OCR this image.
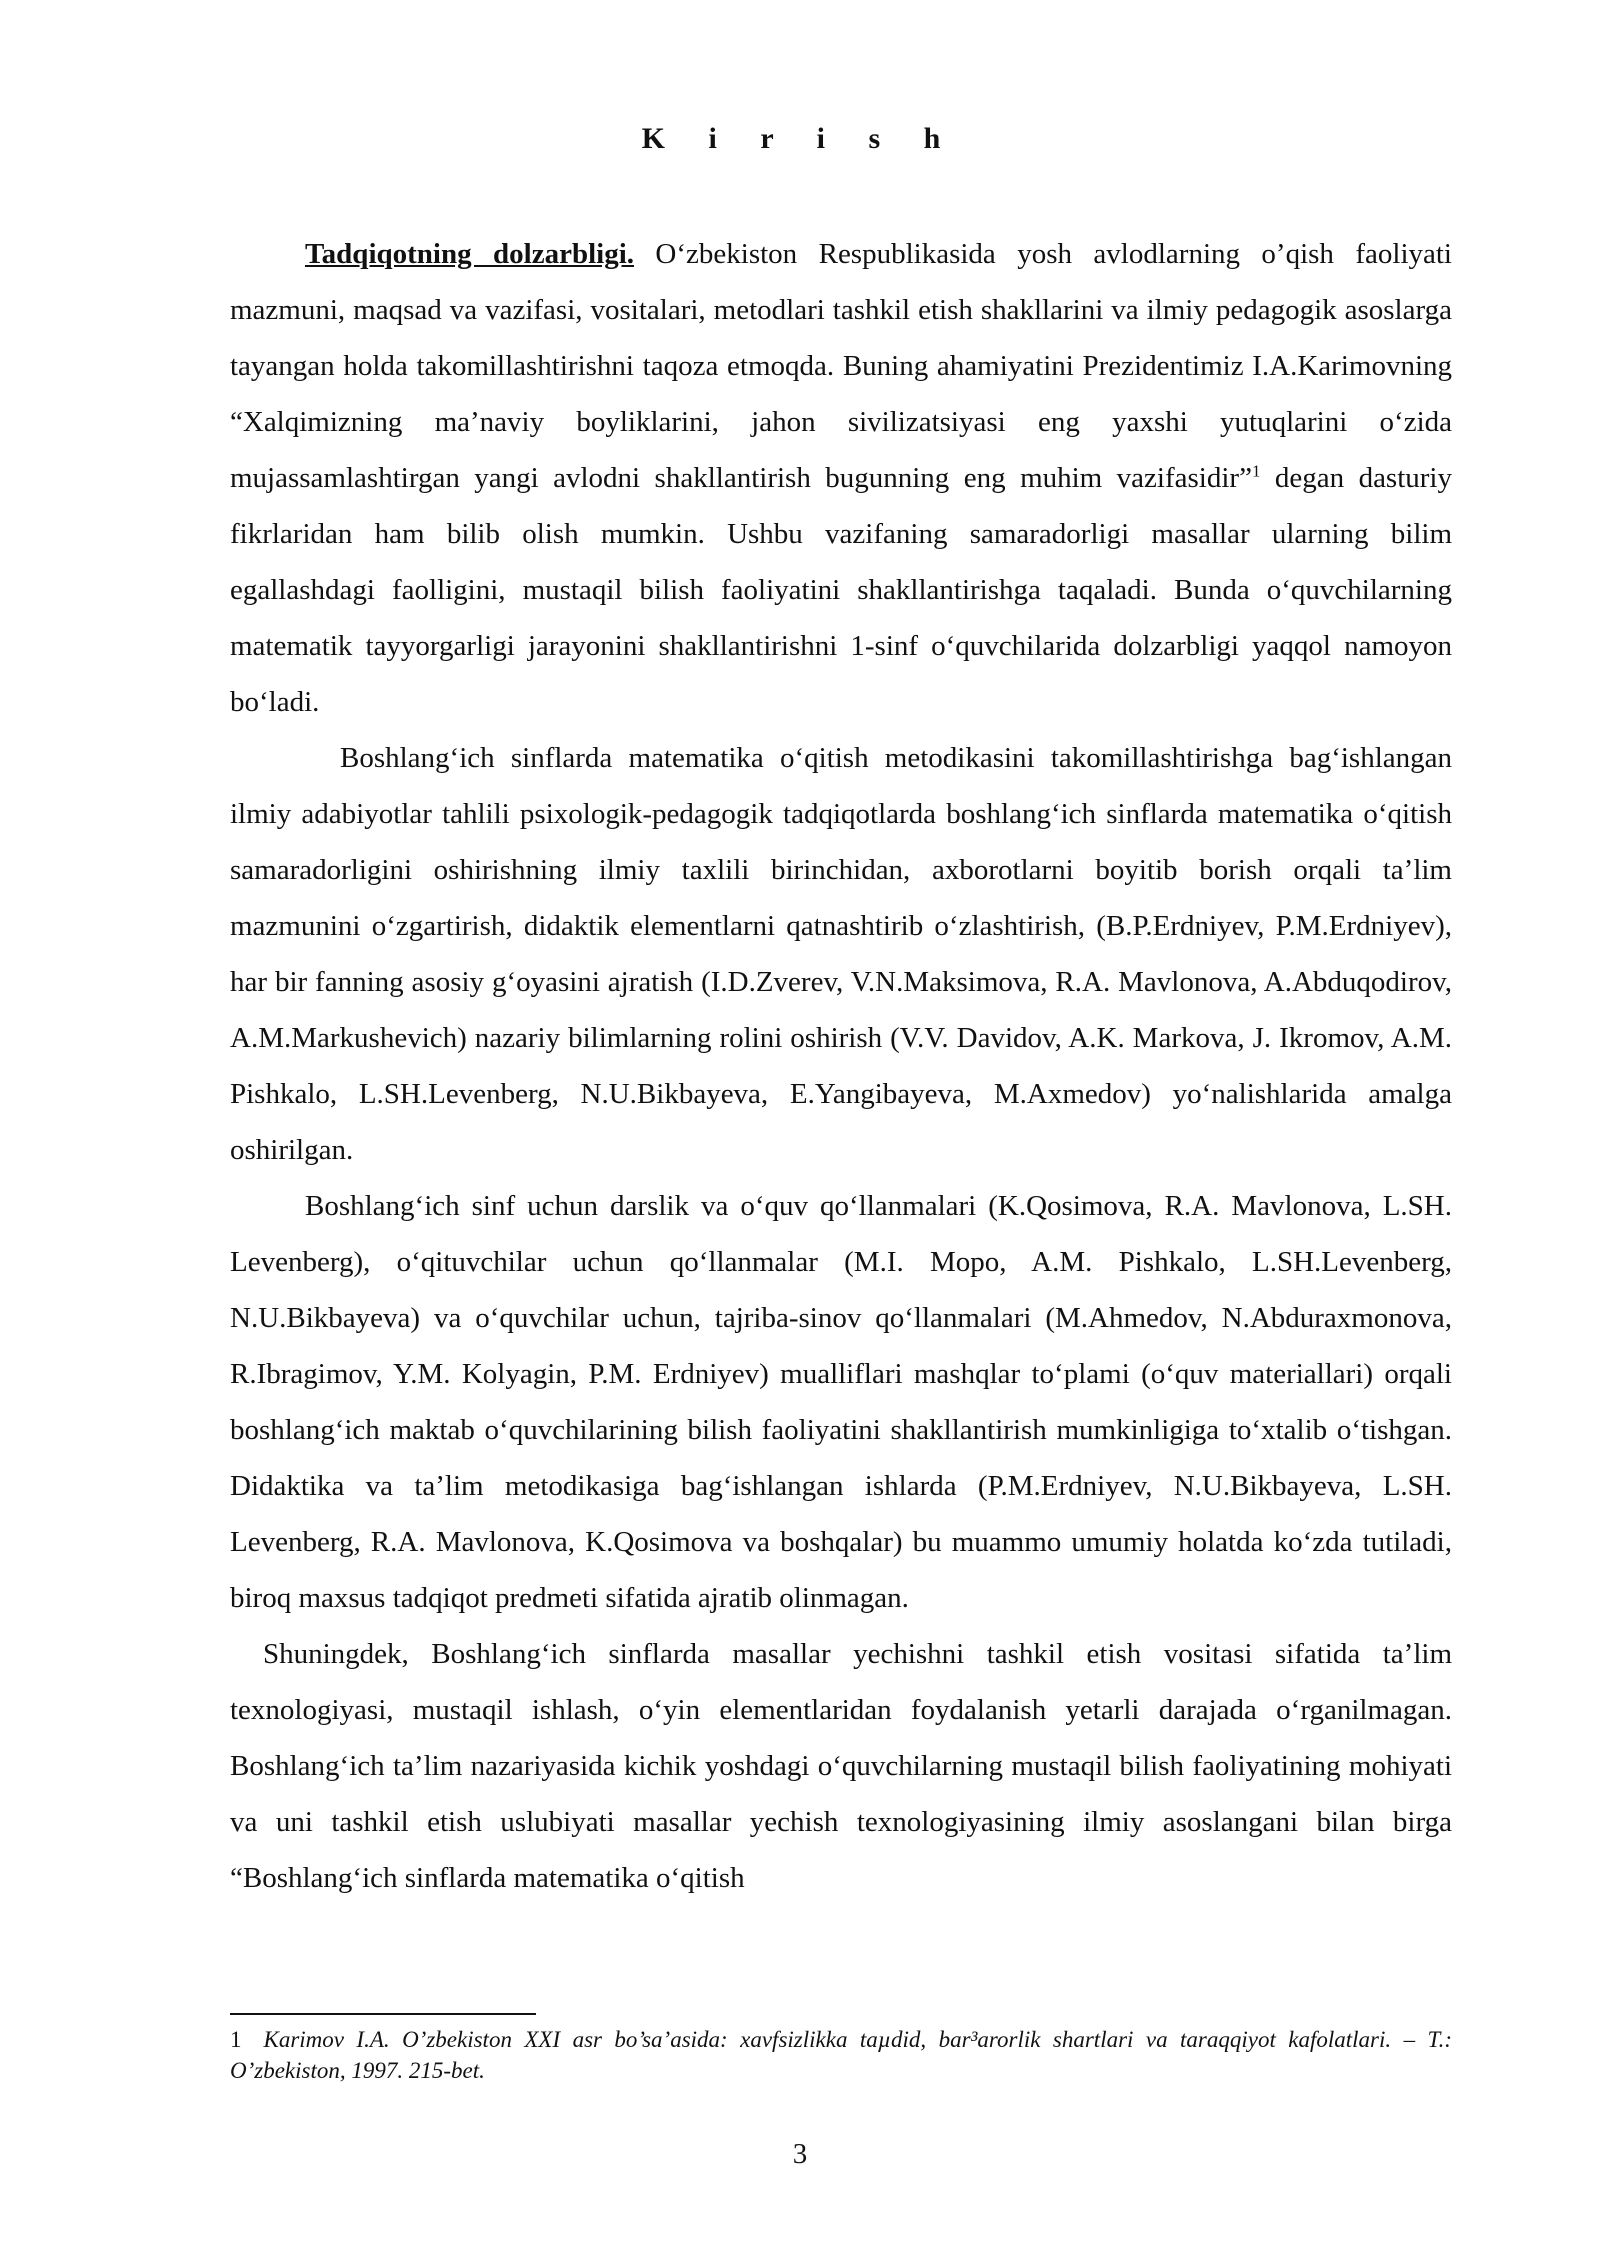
K i r i s h

Tadqiqotning dolzarbligi. O‘zbekiston Respublikasida yosh avlodlarning o’qish faoliyati mazmuni, maqsad va vazifasi, vositalari, metodlari tashkil etish shakllarini va ilmiy pedagogik asoslarga tayangan holda takomillashtirishni taqoza etmoqda. Buning ahamiyatini Prezidentimiz I.A.Karimovning “Xalqimizning ma’naviy boyliklarini, jahon sivilizatsiyasi eng yaxshi yutuqlarini o‘zida mujassamlashtirgan yangi avlodni shakllantirish bugunning eng muhim vazifasidir”$^1$ degan dasturiy fikrlaridan ham bilib olish mumkin. Ushbu vazifaning samaradorligi masallar ularning bilim egallashdagi faolligini, mustaqil bilish faoliyatini shakllantirishga taqaladi. Bunda o‘quvchilarning matematik tayyorgarligi jarayonini shakllantirishni 1-sinf o‘quvchilarida dolzarbligi yaqqol namoyon bo‘ladi.

Boshlang‘ich sinflarda matematika o‘qitish metodikasini takomillashtirishga bag‘ishlangan ilmiy adabiyotlar tahlili psixologik-pedagogik tadqiqotlarda boshlang‘ich sinflarda matematika o‘qitish samaradorligini oshirishning ilmiy taxlili birinchidan, axborotlarni boyitib borish orqali ta’lim mazmunini o‘zgartirish, didaktik elementlarni qatnashtirib o‘zlashtirish, (B.P.Erdniyev, P.M.Erdniyev), har bir fanning asosiy g‘oyasini ajratish (I.D.Zverev, V.N.Maksimova, R.A. Mavlonova, A.Abduqodirov, A.M.Markushevich) nazariy bilimlarning rolini oshirish (V.V. Davidov, A.K. Markova, J. Ikromov, A.M. Pishkalo, L.SH.Levenberg, N.U.Bikbayeva, E.Yangibayeva, M.Axmedov) yo‘nalishlarida amalga oshirilgan.

Boshlang‘ich sinf uchun darslik va o‘quv qo‘llanmalari (K.Qosimova, R.A. Mavlonova, L.SH. Levenberg), o‘qituvchilar uchun qo‘llanmalar (M.I. Mopo, A.M. Pishkalo, L.SH.Levenberg, N.U.Bikbayeva) va o‘quvchilar uchun, tajriba-sinov qo‘llanmalari (M.Ahmedov, N.Abduraxmonova, R.Ibragimov, Y.M. Kolyagin, P.M. Erdniyev) mualliflari mashqlar to‘plami (o‘quv materiallari) orqali boshlang‘ich maktab o‘quvchilarining bilish faoliyatini shakllantirish mumkinligiga to‘xtalib o‘tishgan. Didaktika va ta’lim metodikasiga bag‘ishlangan ishlarda (P.M.Erdniyev, N.U.Bikbayeva, L.SH. Levenberg, R.A. Mavlonova, K.Qosimova va boshqalar) bu muammo umumiy holatda ko‘zda tutiladi, biroq maxsus tadqiqot predmeti sifatida ajratib olinmagan.

Shuningdek, Boshlang‘ich sinflarda masallar yechishni tashkil etish vositasi sifatida ta’lim texnologiyasi, mustaqil ishlash, o‘yin elementlaridan foydalanish yetarli darajada o‘rganilmagan. Boshlang‘ich ta’lim nazariyasida kichik yoshdagi o‘quvchilarning mustaqil bilish faoliyatining mohiyati va uni tashkil etish uslubiyati masallar yechish texnologiyasining ilmiy asoslangani bilan birga “Boshlang‘ich sinflarda matematika o‘qitish

1 Karimov I.A. O’zbekiston XXI asr bo’sa’asida: xavfsizlikka taµdid, bar³arorlik shartlari va taraqqiyot kafolatlari. – T.: O’zbekiston, 1997. 215-bet.
3
